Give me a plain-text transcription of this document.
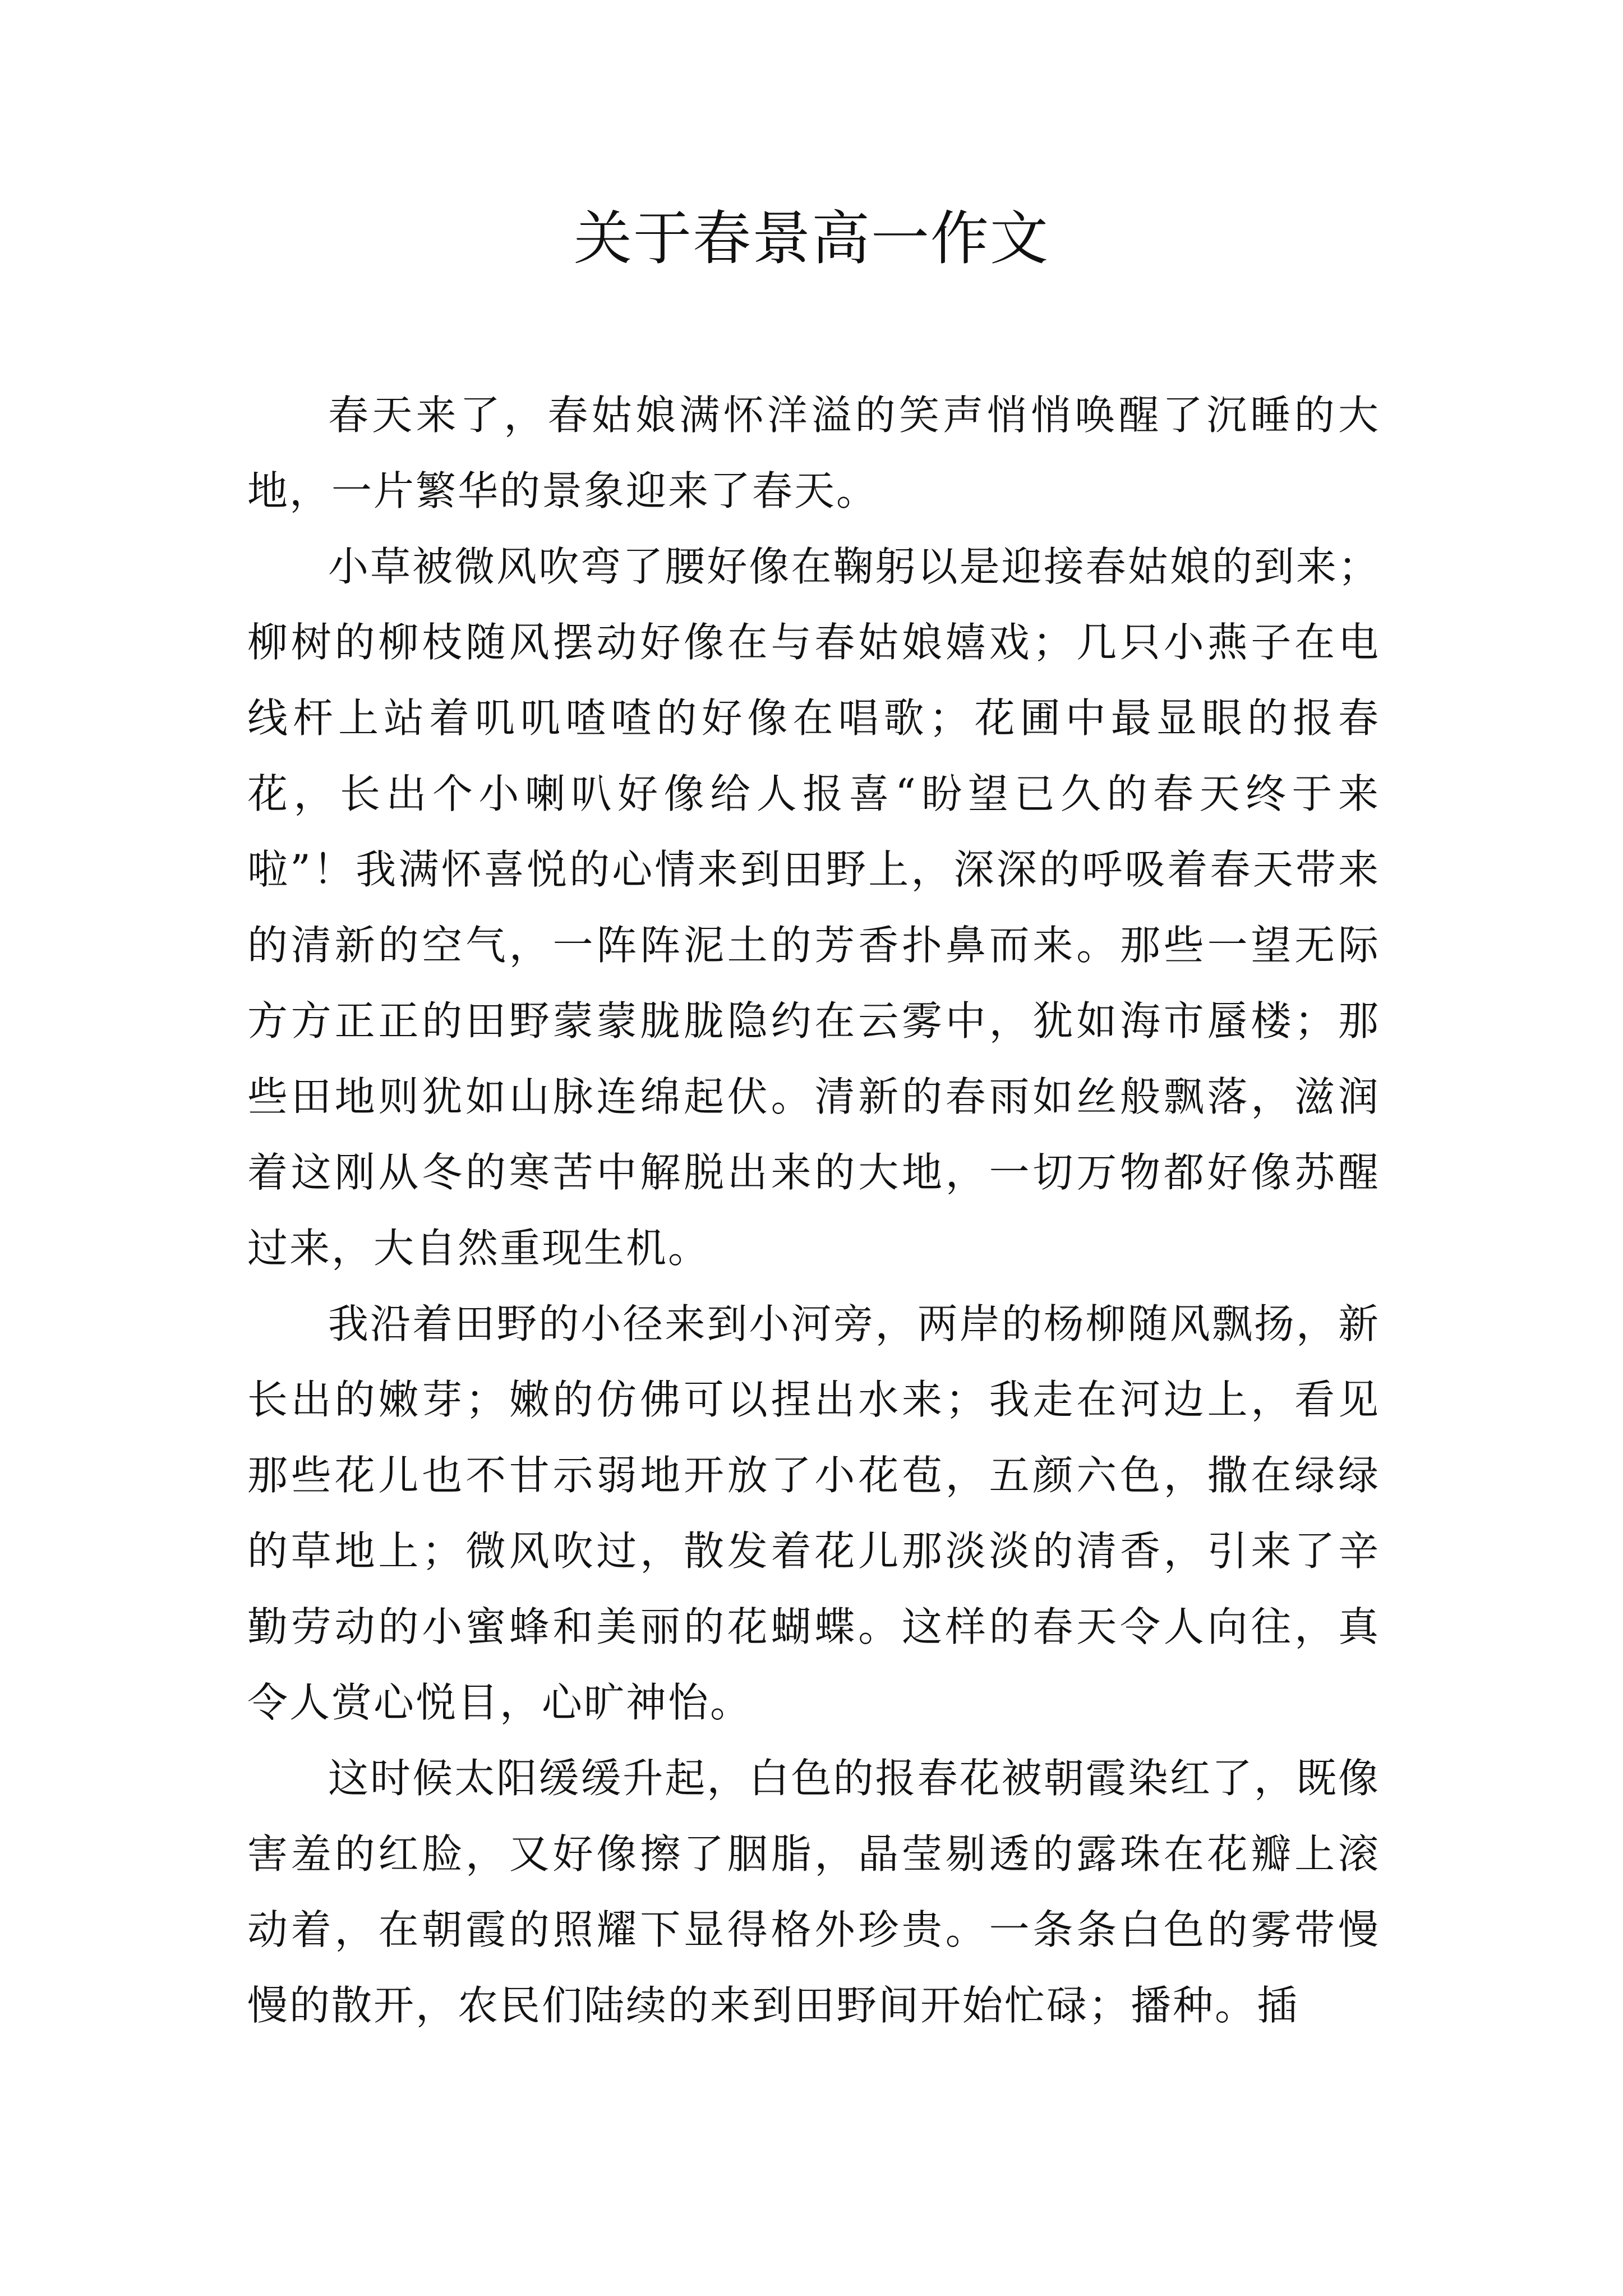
关于春景高一作文

春天来了，春姑娘满怀洋溢的笑声悄悄唤醒了沉睡的大地，一片繁华的景象迎来了春天。

小草被微风吹弯了腰好像在鞠躬以是迎接春姑娘的到来；柳树的柳枝随风摆动好像在与春姑娘嬉戏；几只小燕子在电线杆上站着叽叽喳喳的好像在唱歌；花圃中最显眼的报春花，长出个小喇叭好像给人报喜“盼望已久的春天终于来啦”！我满怀喜悦的心情来到田野上，深深的呼吸着春天带来的清新的空气，一阵阵泥土的芳香扑鼻而来。那些一望无际方方正正的田野蒙蒙胧胧隐约在云雾中，犹如海市蜃楼；那些田地则犹如山脉连绵起伏。清新的春雨如丝般飘落，滋润着这刚从冬的寒苦中解脱出来的大地，一切万物都好像苏醒过来，大自然重现生机。

我沿着田野的小径来到小河旁，两岸的杨柳随风飘扬，新长出的嫩芽；嫩的仿佛可以捏出水来；我走在河边上，看见那些花儿也不甘示弱地开放了小花苞，五颜六色，撒在绿绿的草地上；微风吹过，散发着花儿那淡淡的清香，引来了辛勤劳动的小蜜蜂和美丽的花蝴蝶。这样的春天令人向往，真令人赏心悦目，心旷神怡。

这时候太阳缓缓升起，白色的报春花被朝霞染红了，既像害羞的红脸，又好像擦了胭脂，晶莹剔透的露珠在花瓣上滚动着，在朝霞的照耀下显得格外珍贵。一条条白色的雾带慢慢的散开，农民们陆续的来到田野间开始忙碌；播种。插
